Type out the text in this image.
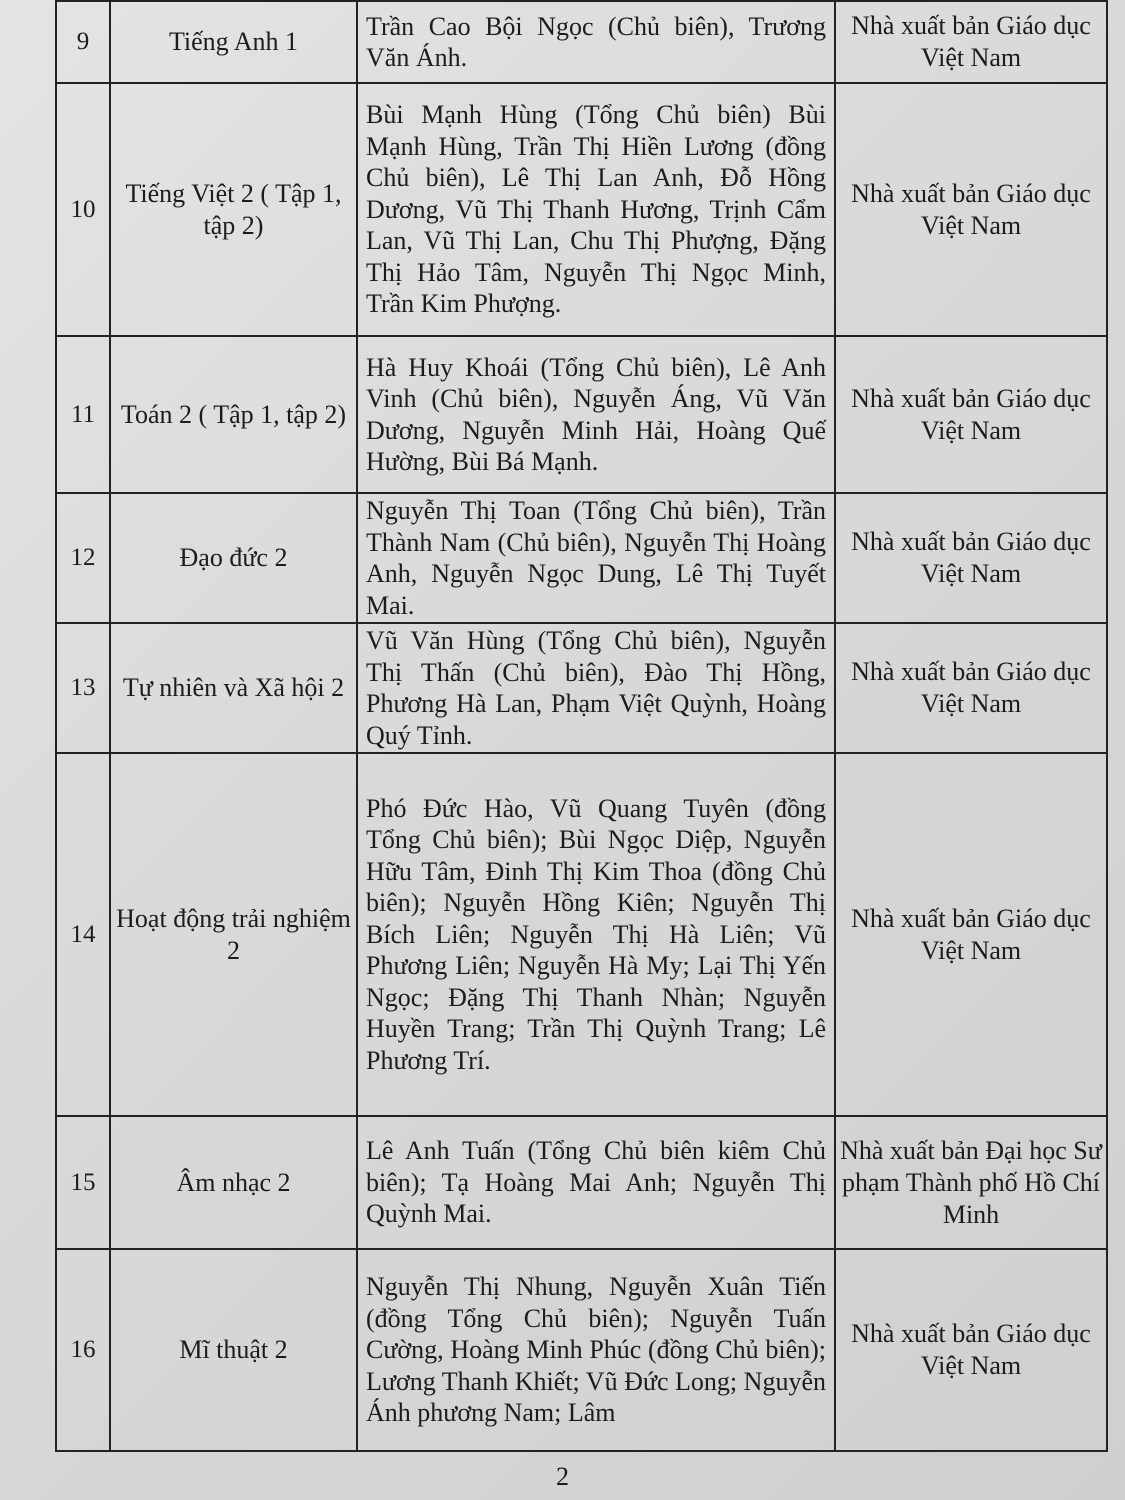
9	Tiếng Anh 1	Trần Cao Bội Ngọc (Chủ biên), Trương Văn Ánh.	Nhà xuất bản Giáo dục Việt Nam
10	Tiếng Việt 2 ( Tập 1, tập 2)	Bùi Mạnh Hùng (Tổng Chủ biên) Bùi Mạnh Hùng, Trần Thị Hiền Lương (đồng Chủ biên), Lê Thị Lan Anh, Đỗ Hồng Dương, Vũ Thị Thanh Hương, Trịnh Cẩm Lan, Vũ Thị Lan, Chu Thị Phượng, Đặng Thị Hảo Tâm, Nguyễn Thị Ngọc Minh, Trần Kim Phượng.	Nhà xuất bản Giáo dục Việt Nam
11	Toán 2 ( Tập 1, tập 2)	Hà Huy Khoái (Tổng Chủ biên), Lê Anh Vinh (Chủ biên), Nguyễn Áng, Vũ Văn Dương, Nguyễn Minh Hải, Hoàng Quế Hường, Bùi Bá Mạnh.	Nhà xuất bản Giáo dục Việt Nam
12	Đạo đức 2	Nguyễn Thị Toan (Tổng Chủ biên), Trần Thành Nam (Chủ biên), Nguyễn Thị Hoàng Anh, Nguyễn Ngọc Dung, Lê Thị Tuyết Mai.	Nhà xuất bản Giáo dục Việt Nam
13	Tự nhiên và Xã hội 2	Vũ Văn Hùng (Tổng Chủ biên), Nguyễn Thị Thấn (Chủ biên), Đào Thị Hồng, Phương Hà Lan, Phạm Việt Quỳnh, Hoàng Quý Tỉnh.	Nhà xuất bản Giáo dục Việt Nam
14	Hoạt động trải nghiệm 2	Phó Đức Hào, Vũ Quang Tuyên (đồng Tổng Chủ biên); Bùi Ngọc Diệp, Nguyễn Hữu Tâm, Đinh Thị Kim Thoa (đồng Chủ biên); Nguyễn Hồng Kiên; Nguyễn Thị Bích Liên; Nguyễn Thị Hà Liên; Vũ Phương Liên; Nguyễn Hà My; Lại Thị Yến Ngọc; Đặng Thị Thanh Nhàn; Nguyễn Huyền Trang; Trần Thị Quỳnh Trang; Lê Phương Trí.	Nhà xuất bản Giáo dục Việt Nam
15	Âm nhạc 2	Lê Anh Tuấn (Tổng Chủ biên kiêm Chủ biên); Tạ Hoàng Mai Anh; Nguyễn Thị Quỳnh Mai.	Nhà xuất bản Đại học Sư phạm Thành phố Hồ Chí Minh
16	Mĩ thuật 2	Nguyễn Thị Nhung, Nguyễn Xuân Tiến (đồng Tổng Chủ biên); Nguyễn Tuấn Cường, Hoàng Minh Phúc (đồng Chủ biên); Lương Thanh Khiết; Vũ Đức Long; Nguyễn Ánh phương Nam; Lâm	Nhà xuất bản Giáo dục Việt Nam
2
